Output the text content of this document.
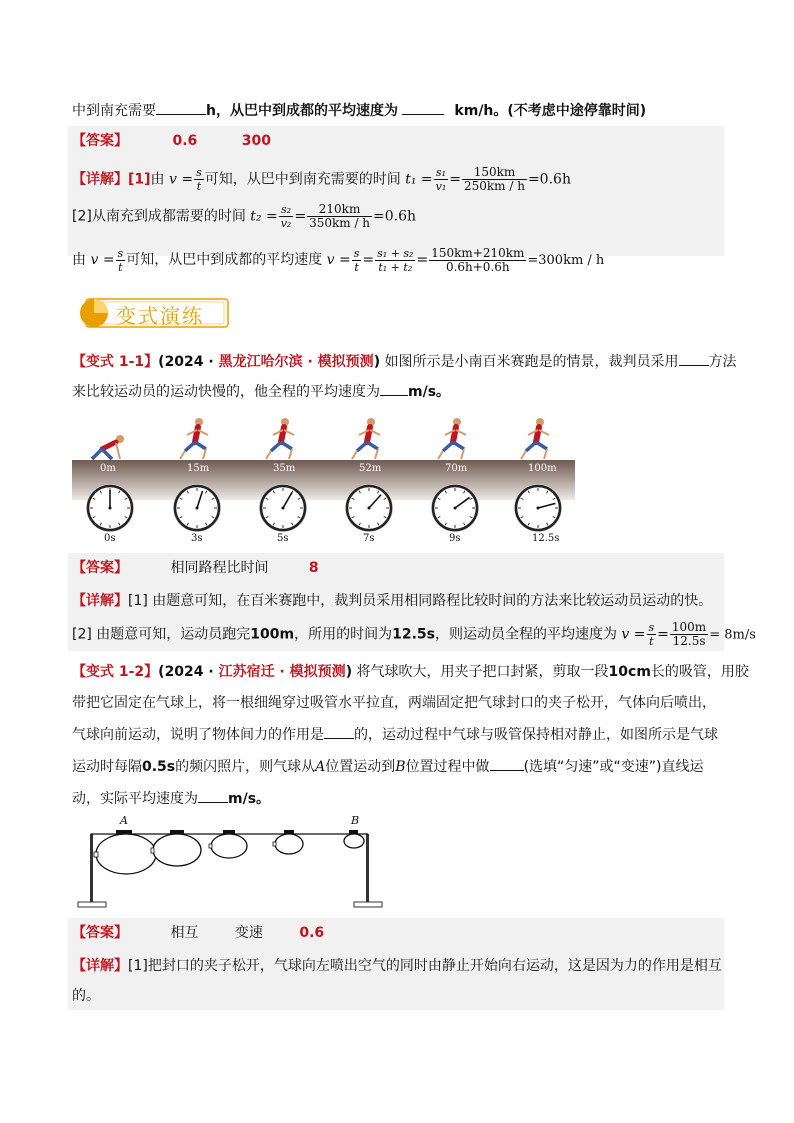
中到南充需要	h，从巴中到成都的平均速度为	km/h。(不考虑中途停靠时间)
【答案】	0.6	300
【详解】[1]由 $v = \frac{s}{t}$ 可知，从巴中到南充需要的时间 $t_1 = \frac{\text{s₁}}{\text{v₁}} = \frac{150km}{250km / h} =0.6h$
[2]从南充到成都需要的时间 $t_2 = \frac{\text{s₂}}{\text{v₂}} = \frac{210km}{350km / h} =0.6h$
由 $v = \frac{s}{t}$ 可知，从巴中到成都的平均速度 $v = \frac{s}{t} = \frac{\text{s₁ + s₂}}{\text{t₁ + t₂}} = \frac{150km+210km}{0.6h+0.6h} =300km / h$
变式演练
【变式 1-1】(2024 · 黑龙江哈尔滨 · 模拟预测) 如图所示是小南百米赛跑是的情景，裁判员采用 方法
来比较运动员的运动快慢的，他全程的平均速度为 m/s。
0m
0s
15m
3s
35m
5s
52m
7s
70m
9s
100m
12.5s
【答案】	相同路程比时间	8
【详解】[1] 由题意可知，在百米赛跑中，裁判员采用相同路程比较时间的方法来比较运动员运动的快。
[2] 由题意可知，运动员跑完100m，所用的时间为12.5s，则运动员全程的平均速度为 $v = \frac{s}{t} = \frac{100m}{12.5s} = 8m/s$
【变式 1-2】(2024 · 江苏宿迁 · 模拟预测) 将气球吹大，用夹子把口封紧，剪取一段10cm长的吸管，用胶
带把它固定在气球上，将一根细绳穿过吸管水平拉直，两端固定把气球封口的夹子松开，气体向后喷出，
气球向前运动，说明了物体间力的作用是 的，运动过程中气球与吸管保持相对静止，如图所示是气球
运动时每隔0.5s的频闪照片，则气球从A位置运动到B位置过程中做 (选填“匀速”或“变速”)直线运
动，实际平均速度为 m/s。
A	B
【答案】	相互	变速	0.6
【详解】[1]把封口的夹子松开，气球向左喷出空气的同时由静止开始向右运动，这是因为力的作用是相互
的。
